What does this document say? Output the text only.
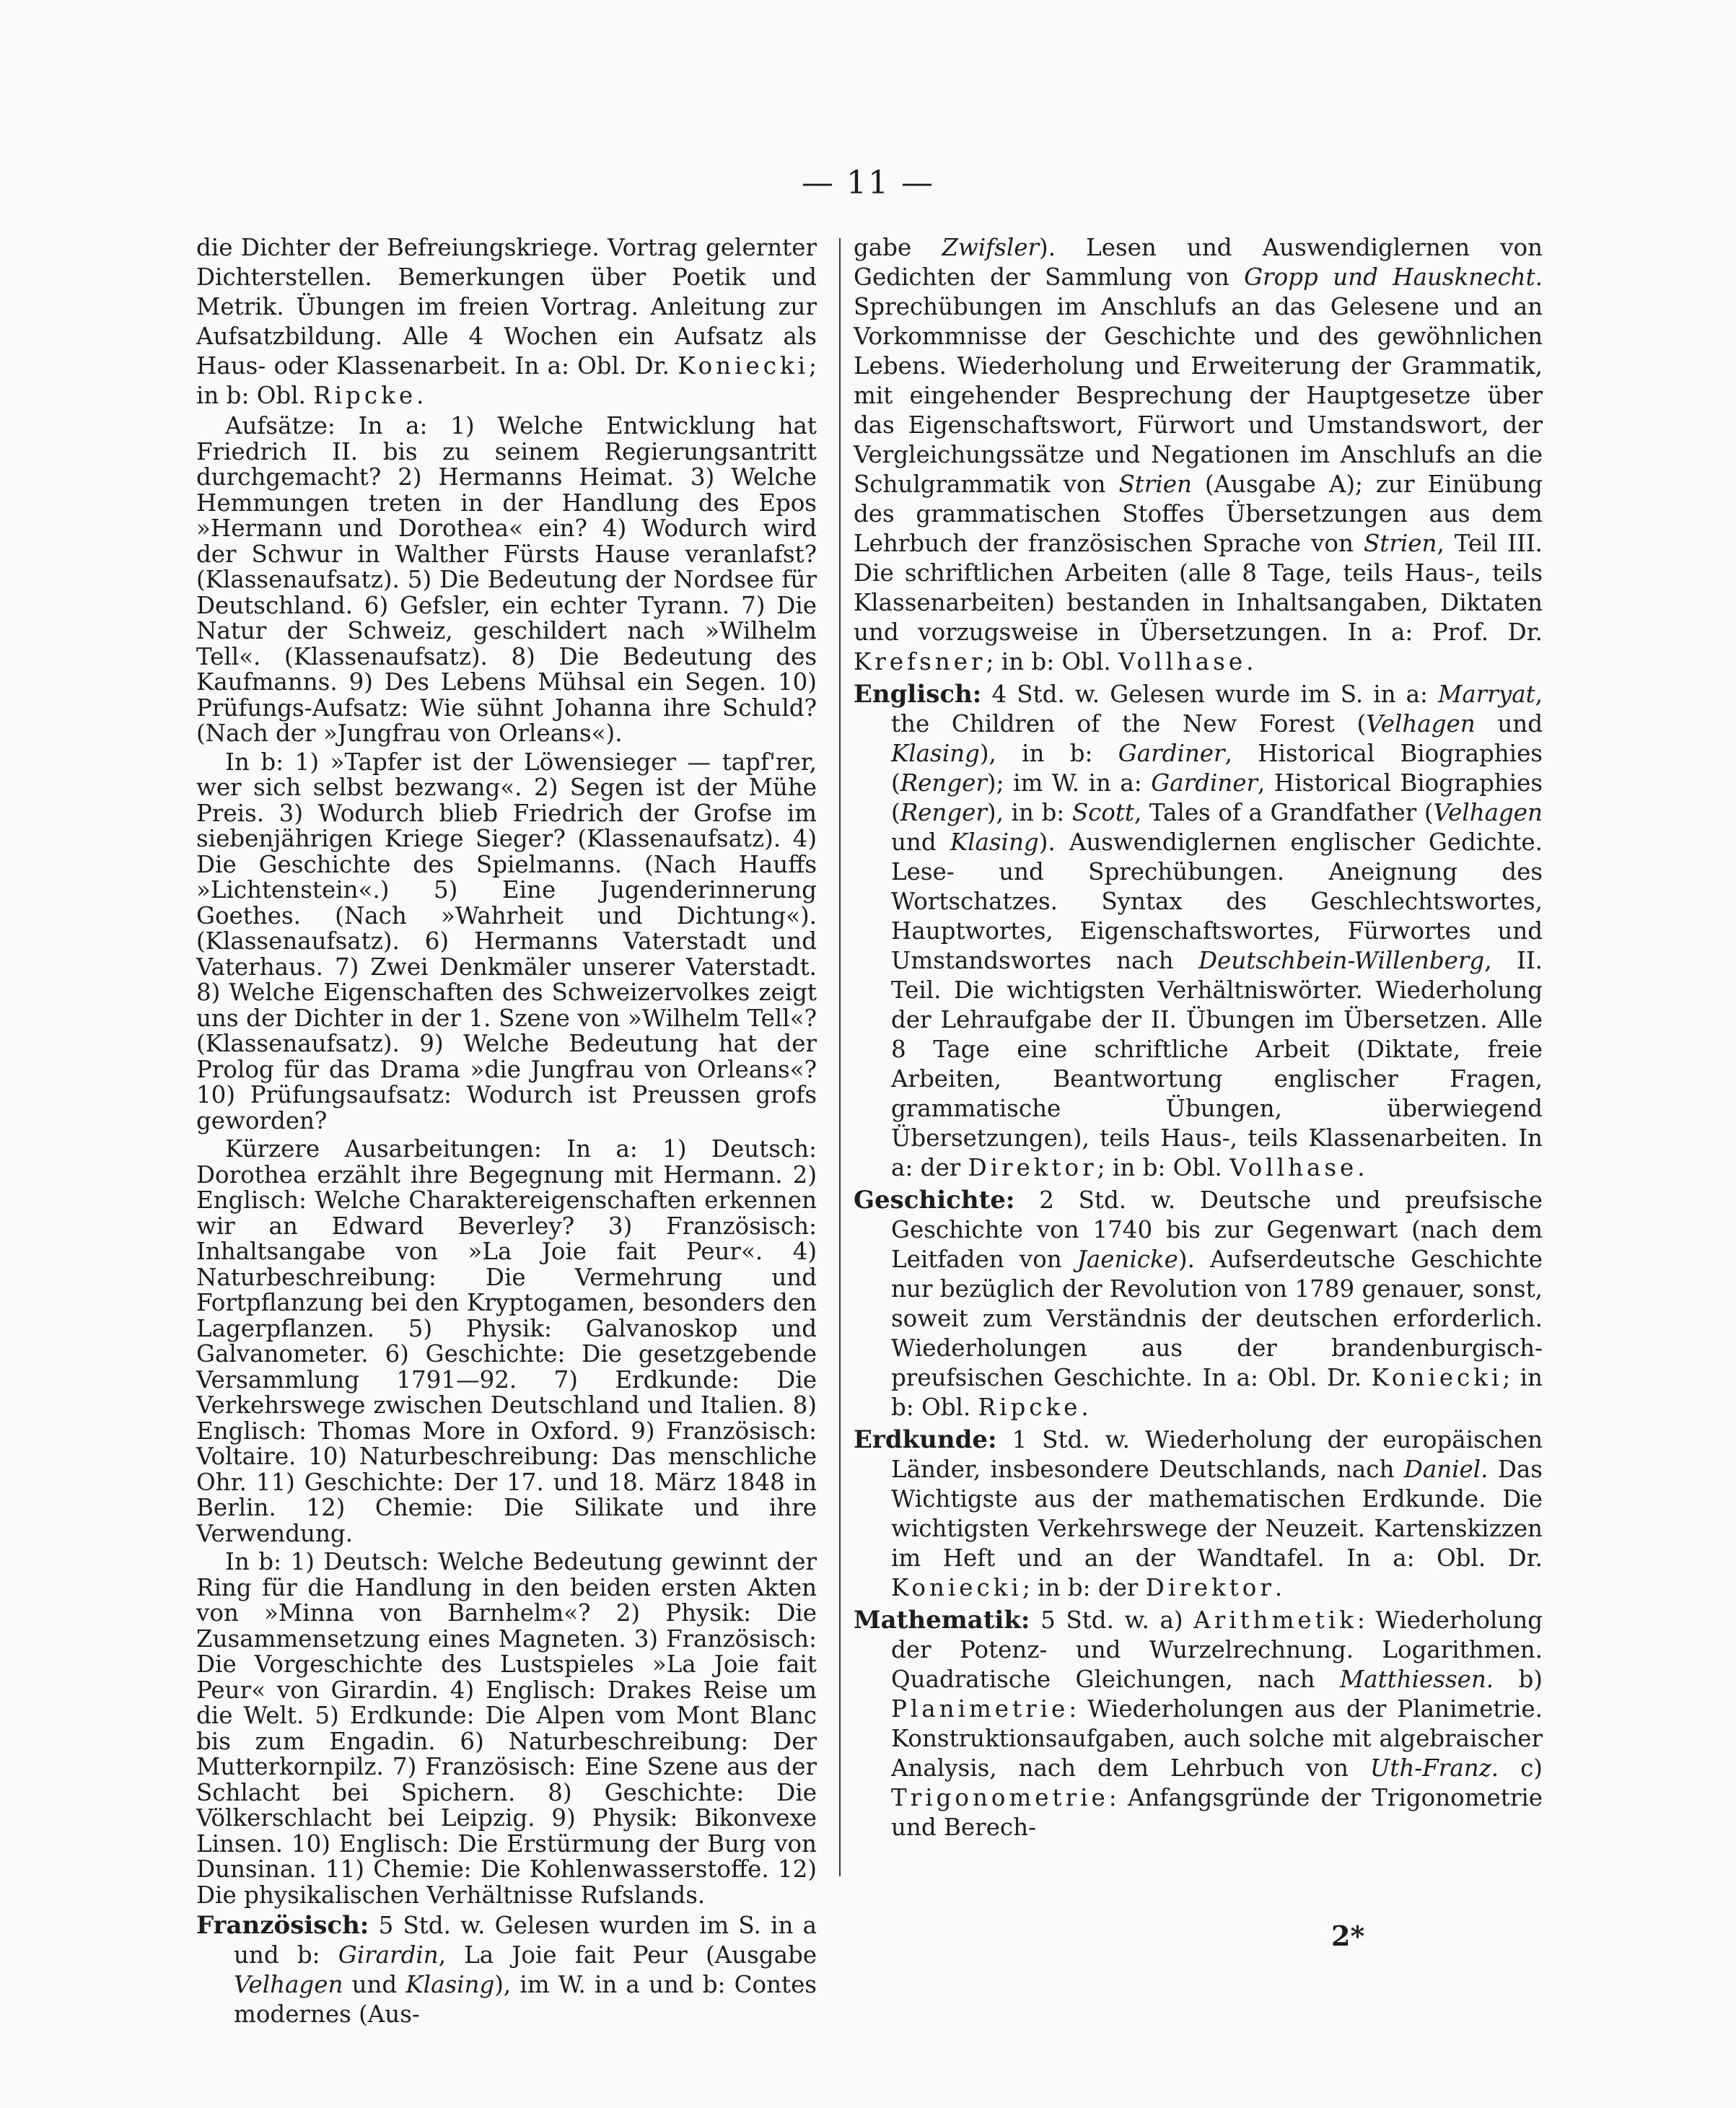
— 11 —

die Dichter der Befreiungskriege. Vortrag gelernter Dichterstellen. Bemerkungen über Poetik und Metrik. Übungen im freien Vortrag. Anleitung zur Aufsatzbildung. Alle 4 Wochen ein Aufsatz als Haus- oder Klassenarbeit. In a: Obl. Dr. Koniecki; in b: Obl. Ripcke.

Aufsätze: In a: 1) Welche Entwicklung hat Friedrich II. bis zu seinem Regierungsantritt durchgemacht? 2) Hermanns Heimat. 3) Welche Hemmungen treten in der Handlung des Epos »Hermann und Dorothea« ein? 4) Wodurch wird der Schwur in Walther Fürsts Hause veranlafst? (Klassenaufsatz). 5) Die Bedeutung der Nordsee für Deutschland. 6) Gefsler, ein echter Tyrann. 7) Die Natur der Schweiz, geschildert nach »Wilhelm Tell«. (Klassenaufsatz). 8) Die Bedeutung des Kaufmanns. 9) Des Lebens Mühsal ein Segen. 10) Prüfungs-Aufsatz: Wie sühnt Johanna ihre Schuld? (Nach der »Jungfrau von Orleans«).

In b: 1) »Tapfer ist der Löwensieger — tapf'rer, wer sich selbst bezwang«. 2) Segen ist der Mühe Preis. 3) Wodurch blieb Friedrich der Grofse im siebenjährigen Kriege Sieger? (Klassenaufsatz). 4) Die Geschichte des Spielmanns. (Nach Hauffs »Lichtenstein«.) 5) Eine Jugenderinnerung Goethes. (Nach »Wahrheit und Dichtung«). (Klassenaufsatz). 6) Hermanns Vaterstadt und Vaterhaus. 7) Zwei Denkmäler unserer Vaterstadt. 8) Welche Eigenschaften des Schweizervolkes zeigt uns der Dichter in der 1. Szene von »Wilhelm Tell«? (Klassenaufsatz). 9) Welche Bedeutung hat der Prolog für das Drama »die Jungfrau von Orleans«? 10) Prüfungsaufsatz: Wodurch ist Preussen grofs geworden?

Kürzere Ausarbeitungen: In a: 1) Deutsch: Dorothea erzählt ihre Begegnung mit Hermann. 2) Englisch: Welche Charaktereigenschaften erkennen wir an Edward Beverley? 3) Französisch: Inhaltsangabe von »La Joie fait Peur«. 4) Naturbeschreibung: Die Vermehrung und Fortpflanzung bei den Kryptogamen, besonders den Lagerpflanzen. 5) Physik: Galvanoskop und Galvanometer. 6) Geschichte: Die gesetzgebende Versammlung 1791—92. 7) Erdkunde: Die Verkehrswege zwischen Deutschland und Italien. 8) Englisch: Thomas More in Oxford. 9) Französisch: Voltaire. 10) Naturbeschreibung: Das menschliche Ohr. 11) Geschichte: Der 17. und 18. März 1848 in Berlin. 12) Chemie: Die Silikate und ihre Verwendung.

In b: 1) Deutsch: Welche Bedeutung gewinnt der Ring für die Handlung in den beiden ersten Akten von »Minna von Barnhelm«? 2) Physik: Die Zusammensetzung eines Magneten. 3) Französisch: Die Vorgeschichte des Lustspieles »La Joie fait Peur« von Girardin. 4) Englisch: Drakes Reise um die Welt. 5) Erdkunde: Die Alpen vom Mont Blanc bis zum Engadin. 6) Naturbeschreibung: Der Mutterkornpilz. 7) Französisch: Eine Szene aus der Schlacht bei Spichern. 8) Geschichte: Die Völkerschlacht bei Leipzig. 9) Physik: Bikonvexe Linsen. 10) Englisch: Die Erstürmung der Burg von Dunsinan. 11) Chemie: Die Kohlenwasserstoffe. 12) Die physikalischen Verhältnisse Rufslands.

Französisch: 5 Std. w. Gelesen wurden im S. in a und b: Girardin, La Joie fait Peur (Ausgabe Velhagen und Klasing), im W. in a und b: Contes modernes (Aus-

gabe Zwifsler). Lesen und Auswendiglernen von Gedichten der Sammlung von Gropp und Hausknecht. Sprechübungen im Anschlufs an das Gelesene und an Vorkommnisse der Geschichte und des gewöhnlichen Lebens. Wiederholung und Erweiterung der Grammatik, mit eingehender Besprechung der Hauptgesetze über das Eigenschaftswort, Fürwort und Umstandswort, der Vergleichungssätze und Negationen im Anschlufs an die Schulgrammatik von Strien (Ausgabe A); zur Einübung des grammatischen Stoffes Übersetzungen aus dem Lehrbuch der französischen Sprache von Strien, Teil III. Die schriftlichen Arbeiten (alle 8 Tage, teils Haus-, teils Klassenarbeiten) bestanden in Inhaltsangaben, Diktaten und vorzugsweise in Übersetzungen. In a: Prof. Dr. Krefsner; in b: Obl. Vollhase.

Englisch: 4 Std. w. Gelesen wurde im S. in a: Marryat, the Children of the New Forest (Velhagen und Klasing), in b: Gardiner, Historical Biographies (Renger); im W. in a: Gardiner, Historical Biographies (Renger), in b: Scott, Tales of a Grandfather (Velhagen und Klasing). Auswendiglernen englischer Gedichte. Lese- und Sprechübungen. Aneignung des Wortschatzes. Syntax des Geschlechtswortes, Hauptwortes, Eigenschaftswortes, Fürwortes und Umstandswortes nach Deutschbein-Willenberg, II. Teil. Die wichtigsten Verhältniswörter. Wiederholung der Lehraufgabe der II. Übungen im Übersetzen. Alle 8 Tage eine schriftliche Arbeit (Diktate, freie Arbeiten, Beantwortung englischer Fragen, grammatische Übungen, überwiegend Übersetzungen), teils Haus-, teils Klassenarbeiten. In a: der Direktor; in b: Obl. Vollhase.

Geschichte: 2 Std. w. Deutsche und preufsische Geschichte von 1740 bis zur Gegenwart (nach dem Leitfaden von Jaenicke). Aufserdeutsche Geschichte nur bezüglich der Revolution von 1789 genauer, sonst, soweit zum Verständnis der deutschen erforderlich. Wiederholungen aus der brandenburgisch-preufsischen Geschichte. In a: Obl. Dr. Koniecki; in b: Obl. Ripcke.

Erdkunde: 1 Std. w. Wiederholung der europäischen Länder, insbesondere Deutschlands, nach Daniel. Das Wichtigste aus der mathematischen Erdkunde. Die wichtigsten Verkehrswege der Neuzeit. Kartenskizzen im Heft und an der Wandtafel. In a: Obl. Dr. Koniecki; in b: der Direktor.

Mathematik: 5 Std. w. a) Arithmetik: Wiederholung der Potenz- und Wurzelrechnung. Logarithmen. Quadratische Gleichungen, nach Matthiessen. b) Planimetrie: Wiederholungen aus der Planimetrie. Konstruktionsaufgaben, auch solche mit algebraischer Analysis, nach dem Lehrbuch von Uth-Franz. c) Trigonometrie: Anfangsgründe der Trigonometrie und Berech-

2*
